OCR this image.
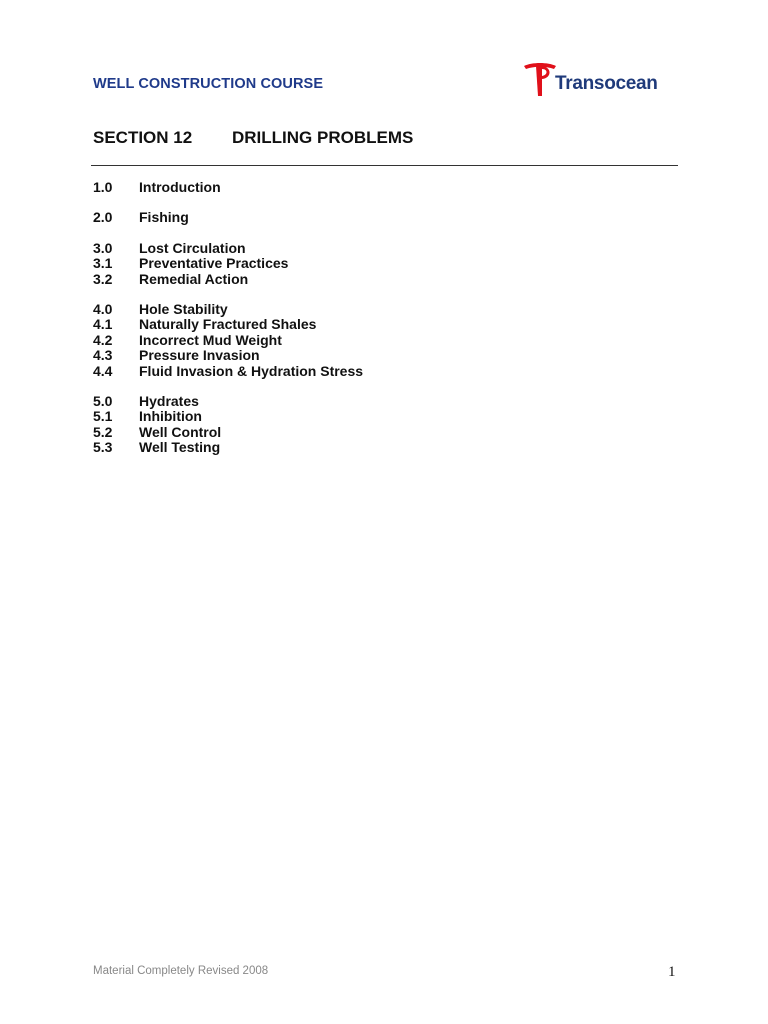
WELL CONSTRUCTION COURSE	Transocean
SECTION 12 DRILLING PROBLEMS
1.0 Introduction
2.0 Fishing
3.0 Lost Circulation
3.1 Preventative Practices
3.2 Remedial Action
4.0 Hole Stability
4.1 Naturally Fractured Shales
4.2 Incorrect Mud Weight
4.3 Pressure Invasion
4.4 Fluid Invasion & Hydration Stress
5.0 Hydrates
5.1 Inhibition
5.2 Well Control
5.3 Well Testing
Material Completely Revised 2008	1
